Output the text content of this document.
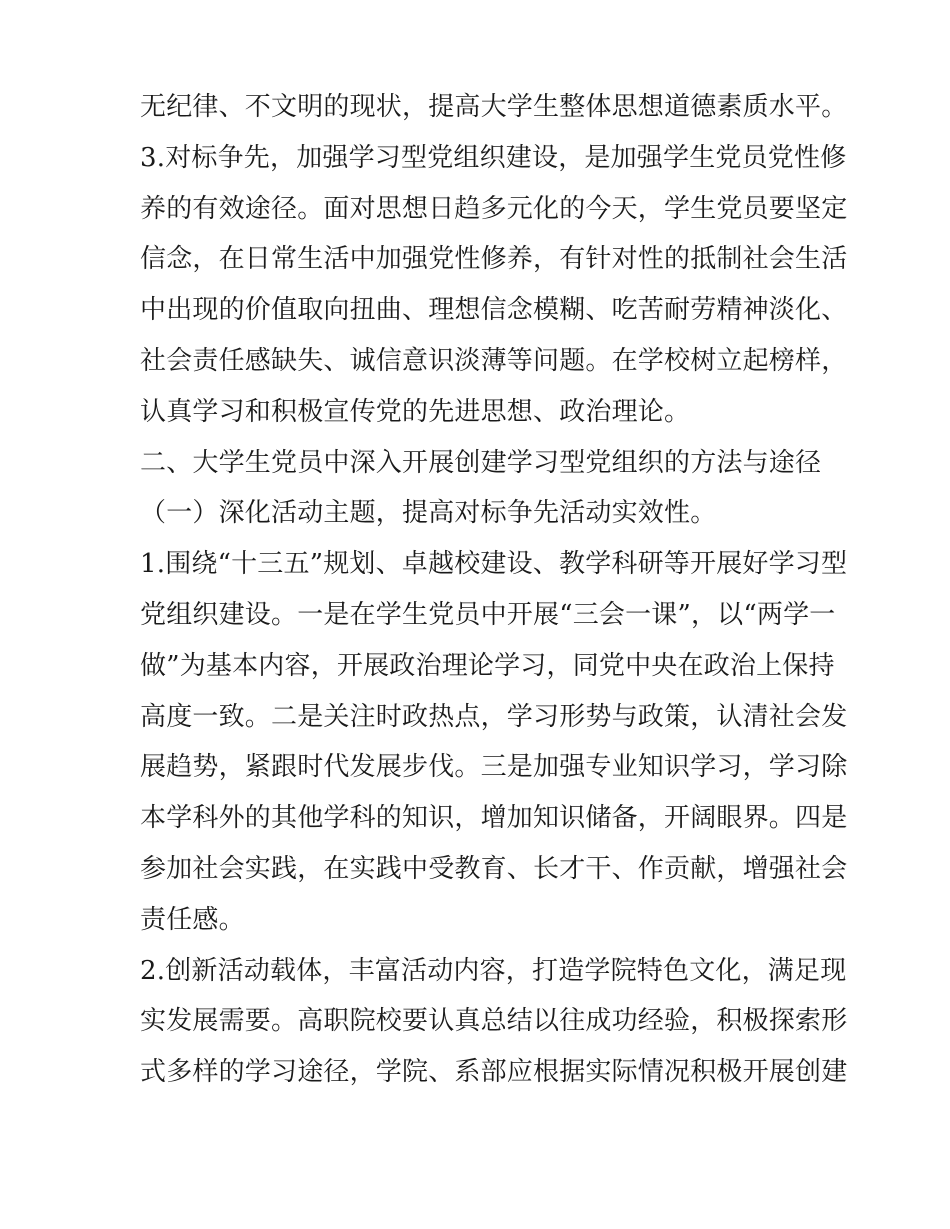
无纪律、不文明的现状，提高大学生整体思想道德素质水平。
3.对标争先，加强学习型党组织建设，是加强学生党员党性修
养的有效途径。面对思想日趋多元化的今天，学生党员要坚定
信念，在日常生活中加强党性修养，有针对性的抵制社会生活
中出现的价值取向扭曲、理想信念模糊、吃苦耐劳精神淡化、
社会责任感缺失、诚信意识淡薄等问题。在学校树立起榜样，
认真学习和积极宣传党的先进思想、政治理论。
二、大学生党员中深入开展创建学习型党组织的方法与途径
（一）深化活动主题，提高对标争先活动实效性。
1.围绕“十三五”规划、卓越校建设、教学科研等开展好学习型
党组织建设。一是在学生党员中开展“三会一课”，以“两学一
做”为基本内容，开展政治理论学习，同党中央在政治上保持
高度一致。二是关注时政热点，学习形势与政策，认清社会发
展趋势，紧跟时代发展步伐。三是加强专业知识学习，学习除
本学科外的其他学科的知识，增加知识储备，开阔眼界。四是
参加社会实践，在实践中受教育、长才干、作贡献，增强社会
责任感。
2.创新活动载体，丰富活动内容，打造学院特色文化，满足现
实发展需要。高职院校要认真总结以往成功经验，积极探索形
式多样的学习途径，学院、系部应根据实际情况积极开展创建
